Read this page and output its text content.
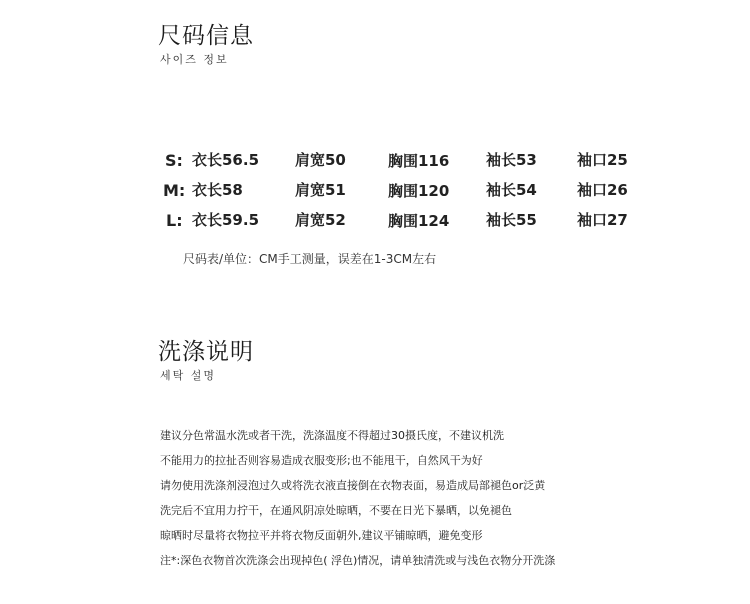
尺码信息
사이즈 정보
S: 衣长56.5 肩宽50	胸围116 袖长53	袖口25
M: 衣长58	肩宽51	胸围120 袖长54	袖口26
L: 衣长59.5 肩宽52	胸围124 袖长55	袖口27
尺码表/单位：CM手工测量，误差在1-3CM左右
洗涤说明
세탁 설명
建议分色常温水洗或者干洗，洗涤温度不得超过30摄氏度，不建议机洗
不能用力的拉扯否则容易造成衣服变形;也不能甩干，自然风干为好
请勿使用洗涤剂浸泡过久或将洗衣液直接倒在衣物表面，易造成局部褪色or泛黄
洗完后不宜用力拧干，在通风阴凉处晾晒，不要在日光下暴晒，以免褪色
晾晒时尽量将衣物拉平并将衣物反面朝外,建议平铺晾晒，避免变形
注*:深色衣物首次洗涤会出现掉色( 浮色)情况，请单独清洗或与浅色衣物分开洗涤
